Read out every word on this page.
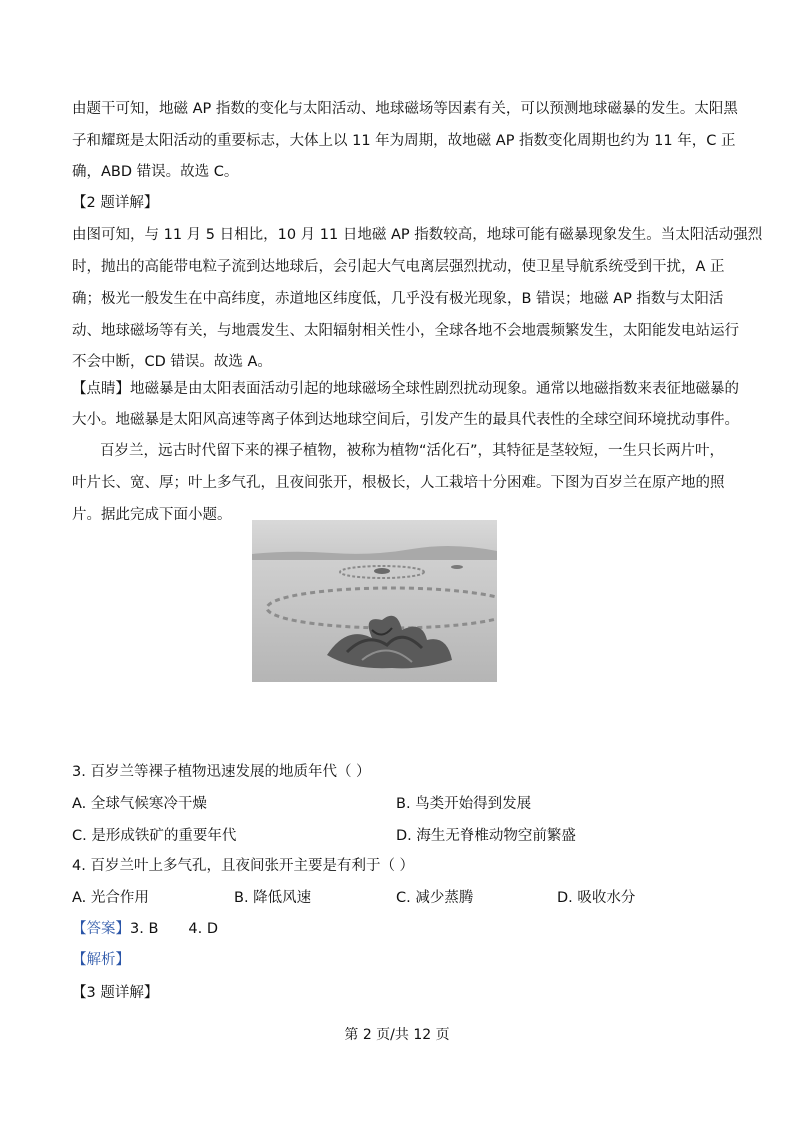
由题干可知，地磁 AP 指数的变化与太阳活动、地球磁场等因素有关，可以预测地球磁暴的发生。太阳黑
子和耀斑是太阳活动的重要标志，大体上以 11 年为周期，故地磁 AP 指数变化周期也约为 11 年，C 正
确，ABD 错误。故选 C。
【2 题详解】
由图可知，与 11 月 5 日相比，10 月 11 日地磁 AP 指数较高，地球可能有磁暴现象发生。当太阳活动强烈
时，抛出的高能带电粒子流到达地球后，会引起大气电离层强烈扰动，使卫星导航系统受到干扰，A 正
确；极光一般发生在中高纬度，赤道地区纬度低，几乎没有极光现象，B 错误；地磁 AP 指数与太阳活
动、地球磁场等有关，与地震发生、太阳辐射相关性小，全球各地不会地震频繁发生，太阳能发电站运行
不会中断，CD 错误。故选 A。
【点睛】地磁暴是由太阳表面活动引起的地球磁场全球性剧烈扰动现象。通常以地磁指数来表征地磁暴的
大小。地磁暴是太阳风高速等离子体到达地球空间后，引发产生的最具代表性的全球空间环境扰动事件。
百岁兰，远古时代留下来的裸子植物，被称为植物“活化石”，其特征是茎较短，一生只长两片叶，
叶片长、宽、厚；叶上多气孔，且夜间张开，根极长，人工栽培十分困难。下图为百岁兰在原产地的照
片。据此完成下面小题。
3. 百岁兰等裸子植物迅速发展的地质年代（ ）
A. 全球气候寒冷干燥	B. 鸟类开始得到发展
C. 是形成铁矿的重要年代	D. 海生无脊椎动物空前繁盛
4. 百岁兰叶上多气孔，且夜间张开主要是有利于（ ）
A. 光合作用	B. 降低风速	C. 减少蒸腾	D. 吸收水分
【答案】3. B 4. D
【解析】
【3 题详解】
第 2 页/共 12 页
